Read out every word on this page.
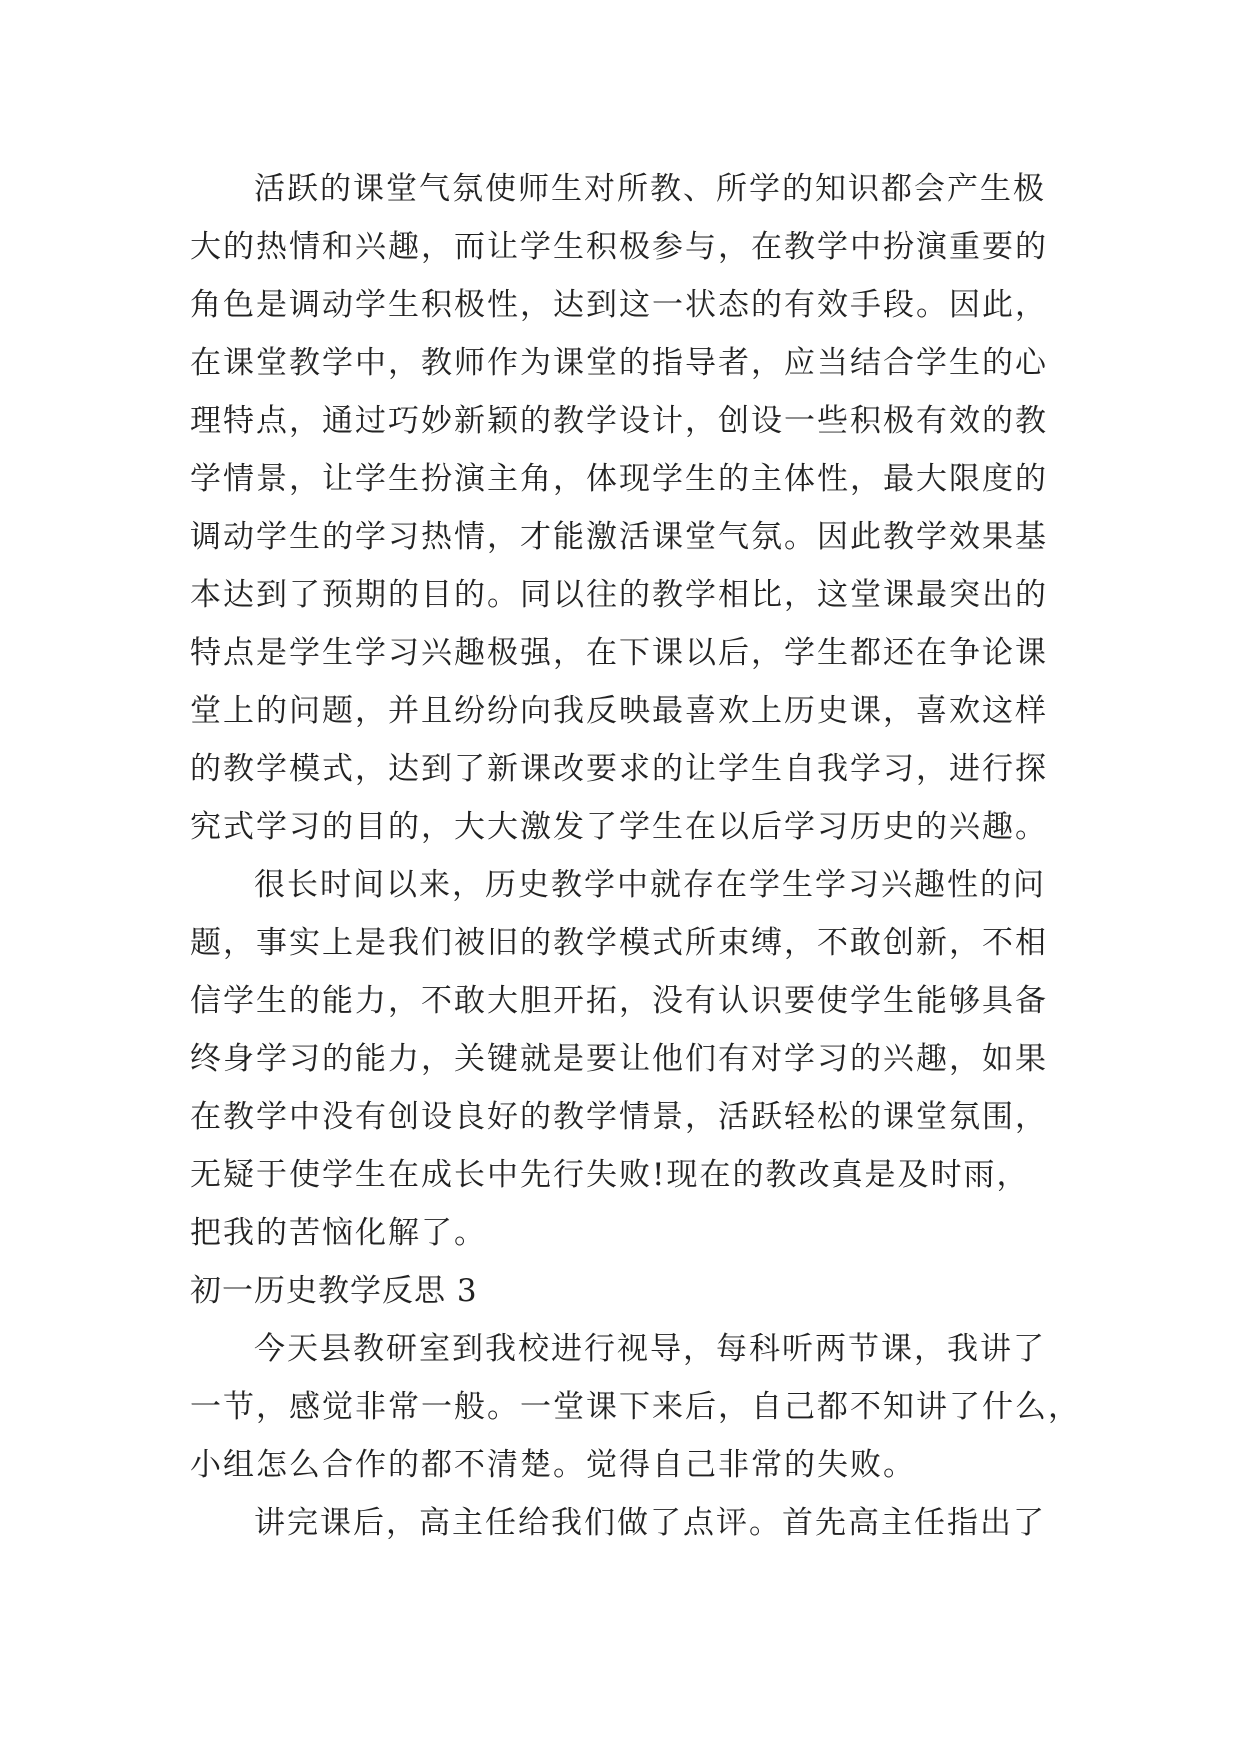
活跃的课堂气氛使师生对所教、所学的知识都会产生极
大的热情和兴趣，而让学生积极参与，在教学中扮演重要的
角色是调动学生积极性，达到这一状态的有效手段。因此，
在课堂教学中，教师作为课堂的指导者，应当结合学生的心
理特点，通过巧妙新颖的教学设计，创设一些积极有效的教
学情景，让学生扮演主角，体现学生的主体性，最大限度的
调动学生的学习热情，才能激活课堂气氛。因此教学效果基
本达到了预期的目的。同以往的教学相比，这堂课最突出的
特点是学生学习兴趣极强，在下课以后，学生都还在争论课
堂上的问题，并且纷纷向我反映最喜欢上历史课，喜欢这样
的教学模式，达到了新课改要求的让学生自我学习，进行探
究式学习的目的，大大激发了学生在以后学习历史的兴趣。
很长时间以来，历史教学中就存在学生学习兴趣性的问
题，事实上是我们被旧的教学模式所束缚，不敢创新，不相
信学生的能力，不敢大胆开拓，没有认识要使学生能够具备
终身学习的能力，关键就是要让他们有对学习的兴趣，如果
在教学中没有创设良好的教学情景，活跃轻松的课堂氛围，
无疑于使学生在成长中先行失败!现在的教改真是及时雨，
把我的苦恼化解了。
初一历史教学反思 3
今天县教研室到我校进行视导，每科听两节课，我讲了
一节，感觉非常一般。一堂课下来后，自己都不知讲了什么，
小组怎么合作的都不清楚。觉得自己非常的失败。
讲完课后，高主任给我们做了点评。首先高主任指出了
